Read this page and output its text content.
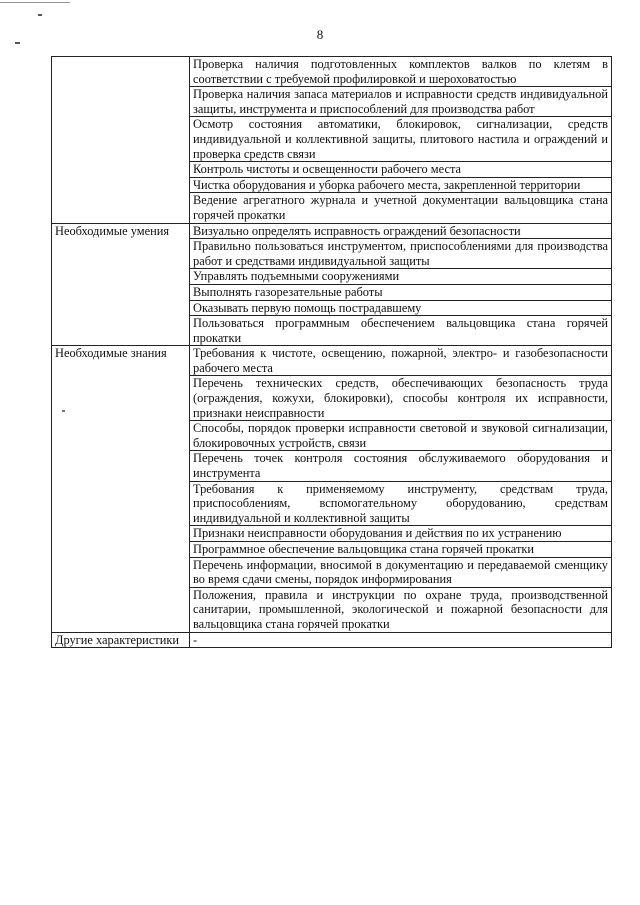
8
	Проверка наличия подготовленных комплектов валков по клетям в соответствии с требуемой профилировкой и шероховатостью
	Проверка наличия запаса материалов и исправности средств индивидуальной защиты, инструмента и приспособлений для производства работ
	Осмотр состояния автоматики, блокировок, сигнализации, средств индивидуальной и коллективной защиты, плитового настила и ограждений и проверка средств связи
	Контроль чистоты и освещенности рабочего места
	Чистка оборудования и уборка рабочего места, закрепленной территории
	Ведение агрегатного журнала и учетной документации вальцовщика стана горячей прокатки
Необходимые умения	Визуально определять исправность ограждений безопасности
	Правильно пользоваться инструментом, приспособлениями для производства работ и средствами индивидуальной защиты
	Управлять подъемными сооружениями
	Выполнять газорезательные работы
	Оказывать первую помощь пострадавшему
	Пользоваться программным обеспечением вальцовщика стана горячей прокатки
Необходимые знания	Требования к чистоте, освещению, пожарной, электро- и газобезопасности рабочего места
	Перечень технических средств, обеспечивающих безопасность труда (ограждения, кожухи, блокировки), способы контроля их исправности, признаки неисправности
	Способы, порядок проверки исправности световой и звуковой сигнализации, блокировочных устройств, связи
	Перечень точек контроля состояния обслуживаемого оборудования и инструмента
	Требования к применяемому инструменту, средствам труда, приспособлениям, вспомогательному оборудованию, средствам индивидуальной и коллективной защиты
	Признаки неисправности оборудования и действия по их устранению
	Программное обеспечение вальцовщика стана горячей прокатки
	Перечень информации, вносимой в документацию и передаваемой сменщику во время сдачи смены, порядок информирования
	Положения, правила и инструкции по охране труда, производственной санитарии, промышленной, экологической и пожарной безопасности для вальцовщика стана горячей прокатки
Другие характеристики	-
